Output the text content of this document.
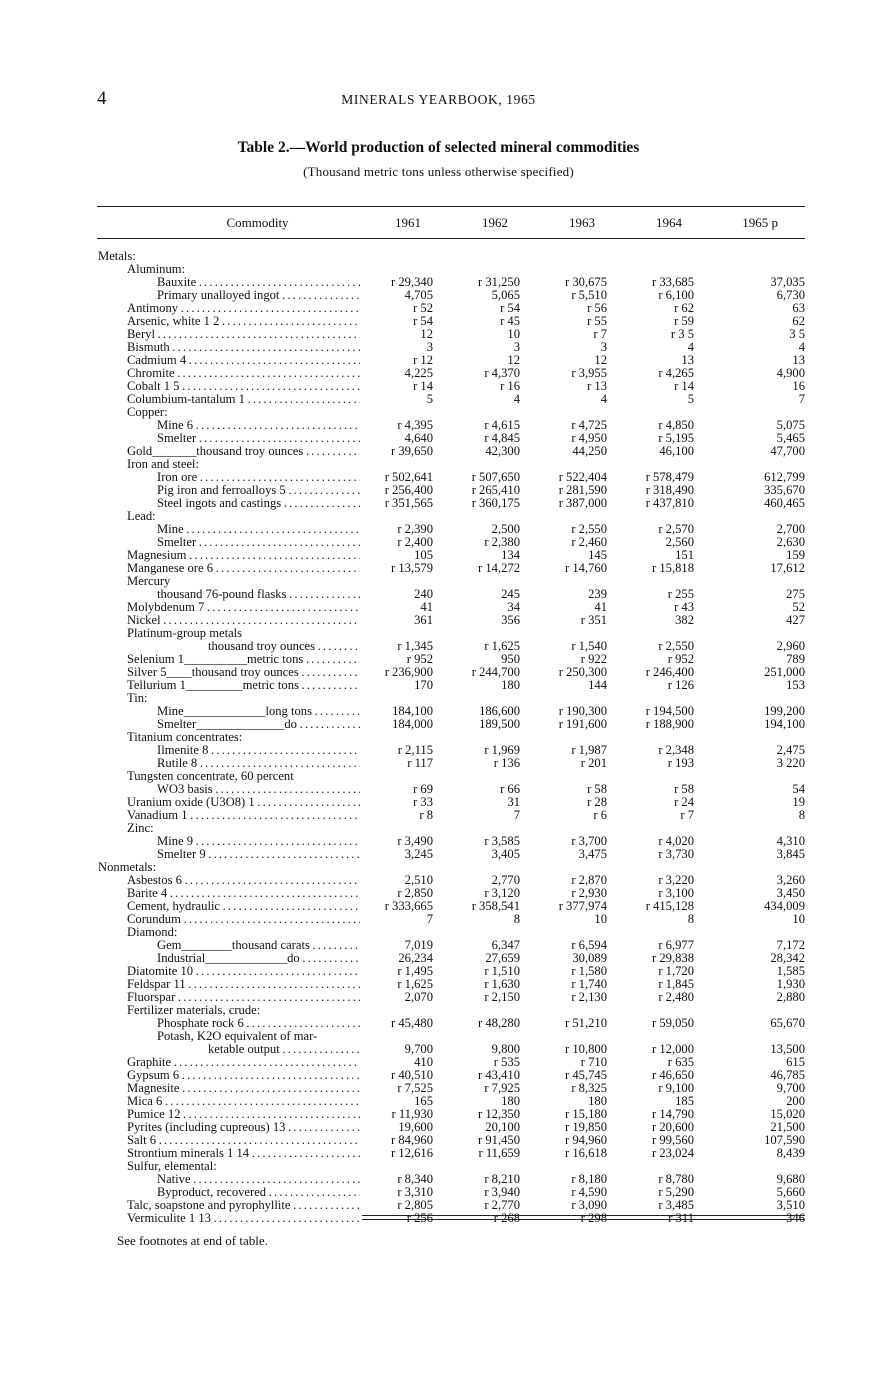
4	MINERALS YEARBOOK, 1965
Table 2.—World production of selected mineral commodities
(Thousand metric tons unless otherwise specified)
Commodity	1961	1962	1963	1964	1965 p
Metals:
Aluminum:
Bauxite . . .	r 29,340	r 31,250	r 30,675	r 33,685	37,035
Primary unalloyed ingot . . .	4,705	5,065	r 5,510	r 6,100	6,730
Antimony . . .	r 52	r 54	r 56	r 62	63
Arsenic, white 1 2 . . .	r 54	r 45	r 55	r 59	62
Beryl . . .	12	10	r 7	r 3 5	3 5
Bismuth . . .	3	3	3	4	4
Cadmium 4 . . .	r 12	12	12	13	13
Chromite . . .	4,225	r 4,370	r 3,955	r 4,265	4,900
Cobalt 1 5 . . .	r 14	r 16	r 13	r 14	16
Columbium-tantalum 1 . . .	5	4	4	5	7
Copper:
Mine 6 . . .	r 4,395	r 4,615	r 4,725	r 4,850	5,075
Smelter . . .	4,640	r 4,845	r 4,950	r 5,195	5,465
Gold_______thousand troy ounces . . .	r 39,650	42,300	44,250	46,100	47,700
Iron and steel:
Iron ore . . .	r 502,641	r 507,650	r 522,404	r 578,479	612,799
Pig iron and ferroalloys 5 . . .	r 256,400	r 265,410	r 281,590	r 318,490	335,670
Steel ingots and castings . . .	r 351,565	r 360,175	r 387,000	r 437,810	460,465
Lead:
Mine . . .	r 2,390	2,500	r 2,550	r 2,570	2,700
Smelter . . .	r 2,400	r 2,380	r 2,460	2,560	2,630
Magnesium . . .	105	134	145	151	159
Manganese ore 6 . . .	r 13,579	r 14,272	r 14,760	r 15,818	17,612
Mercury
thousand 76-pound flasks . . .	240	245	239	r 255	275
Molybdenum 7 . . .	41	34	41	r 43	52
Nickel . . .	361	356	r 351	382	427
Platinum-group metals
thousand troy ounces . . .	r 1,345	r 1,625	r 1,540	r 2,550	2,960
Selenium 1__________metric tons . . .	r 952	950	r 922	r 952	789
Silver 5____thousand troy ounces . . .	r 236,900	r 244,700	r 250,300	r 246,400	251,000
Tellurium 1_________metric tons . . .	170	180	144	r 126	153
Tin:
Mine_____________long tons . . .	184,100	186,600	r 190,300	r 194,500	199,200
Smelter______________do . . .	184,000	189,500	r 191,600	r 188,900	194,100
Titanium concentrates:
Ilmenite 8 . . .	r 2,115	r 1,969	r 1,987	r 2,348	2,475
Rutile 8 . . .	r 117	r 136	r 201	r 193	3 220
Tungsten concentrate, 60 percent
WO3 basis . . .	r 69	r 66	r 58	r 58	54
Uranium oxide (U3O8) 1 . . .	r 33	31	r 28	r 24	19
Vanadium 1 . . .	r 8	7	r 6	r 7	8
Zinc:
Mine 9 . . .	r 3,490	r 3,585	r 3,700	r 4,020	4,310
Smelter 9 . . .	3,245	3,405	3,475	r 3,730	3,845
Nonmetals:
Asbestos 6 . . .	2,510	2,770	r 2,870	r 3,220	3,260
Barite 4 . . .	r 2,850	r 3,120	r 2,930	r 3,100	3,450
Cement, hydraulic . . .	r 333,665	r 358,541	r 377,974	r 415,128	434,009
Corundum . . .	7	8	10	8	10
Diamond:
Gem________thousand carats . . .	7,019	6,347	r 6,594	r 6,977	7,172
Industrial_____________do . . .	26,234	27,659	30,089	r 29,838	28,342
Diatomite 10 . . .	r 1,495	r 1,510	r 1,580	r 1,720	1,585
Feldspar 11 . . .	r 1,625	r 1,630	r 1,740	r 1,845	1,930
Fluorspar . . .	2,070	r 2,150	r 2,130	r 2,480	2,880
Fertilizer materials, crude:
Phosphate rock 6 . . .	r 45,480	r 48,280	r 51,210	r 59,050	65,670
Potash, K2O equivalent of mar-
ketable output . . .	9,700	9,800	r 10,800	r 12,000	13,500
Graphite . . .	410	r 535	r 710	r 635	615
Gypsum 6 . . .	r 40,510	r 43,410	r 45,745	r 46,650	46,785
Magnesite . . .	r 7,525	r 7,925	r 8,325	r 9,100	9,700
Mica 6 . . .	165	180	180	185	200
Pumice 12 . . .	r 11,930	r 12,350	r 15,180	r 14,790	15,020
Pyrites (including cupreous) 13 . . .	19,600	20,100	r 19,850	r 20,600	21,500
Salt 6 . . .	r 84,960	r 91,450	r 94,960	r 99,560	107,590
Strontium minerals 1 14 . . .	r 12,616	r 11,659	r 16,618	r 23,024	8,439
Sulfur, elemental:
Native . . .	r 8,340	r 8,210	r 8,180	r 8,780	9,680
Byproduct, recovered . . .	r 3,310	r 3,940	r 4,590	r 5,290	5,660
Talc, soapstone and pyrophyllite . . .	r 2,805	r 2,770	r 3,090	r 3,485	3,510
Vermiculite 1 13 . . .	r 256	r 268	r 298	r 311	346
See footnotes at end of table.
